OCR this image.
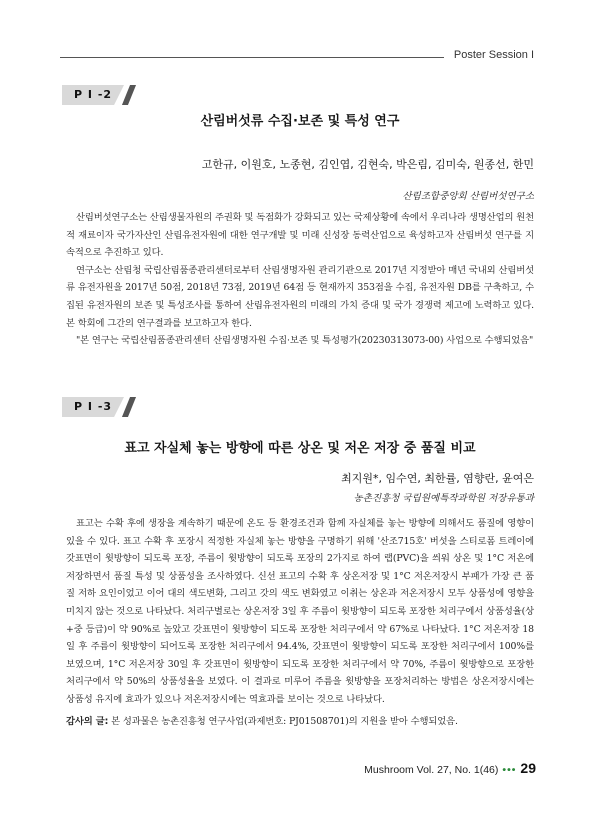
Poster Session I
P I -2
산림버섯류 수집·보존 및 특성 연구
고한규, 이원호, 노종현, 김인엽, 김현숙, 박은림, 김미숙, 원종선, 한민
산림조합중앙회 산림버섯연구소

산림버섯연구소는 산림생물자원의 주권화 및 독점화가 강화되고 있는 국제상황에 속에서 우리나라 생명산업의 원천적 재료이자 국가자산인 산림유전자원에 대한 연구개발 및 미래 신성장 동력산업으로 육성하고자 산림버섯 연구를 지속적으로 추진하고 있다.

연구소는 산림청 국립산림품종관리센터로부터 산림생명자원 관리기관으로 2017년 지정받아 매년 국내외 산림버섯류 유전자원을 2017년 50점, 2018년 73점, 2019년 64점 등 현재까지 353점을 수집, 유전자원 DB를 구축하고, 수집된 유전자원의 보존 및 특성조사를 통하여 산림유전자원의 미래의 가치 증대 및 국가 경쟁력 제고에 노력하고 있다. 본 학회에 그간의 연구결과를 보고하고자 한다.

"본 연구는 국립산림품종관리센터 산림생명자원 수집·보존 및 특성평가(20230313073-00) 사업으로 수행되었음"

P I -3
표고 자실체 놓는 방향에 따른 상온 및 저온 저장 중 품질 비교
최지원*, 임수연, 최한률, 염향란, 윤여은
농촌진흥청 국립원예특작과학원 저장유통과

표고는 수확 후에 생장을 계속하기 때문에 온도 등 환경조건과 함께 자실체를 놓는 방향에 의해서도 품질에 영향이 있을 수 있다. 표고 수확 후 포장시 적정한 자실체 놓는 방향을 구명하기 위해 '산조715호' 버섯을 스티로폼 트레이에 갓표면이 윗방향이 되도록 포장, 주름이 윗방향이 되도록 포장의 2가지로 하여 랩(PVC)을 씌워 상온 및 1°C 저온에 저장하면서 품질 특성 및 상품성을 조사하였다. 신선 표고의 수확 후 상온저장 및 1°C 저온저장시 부패가 가장 큰 품질 저하 요인이었고 이어 대의 색도변화, 그리고 갓의 색도 변화였고 이취는 상온과 저온저장시 모두 상품성에 영향을 미치지 않는 것으로 나타났다. 처리구별로는 상온저장 3일 후 주름이 윗방향이 되도록 포장한 처리구에서 상품성율(상+중 등급)이 약 90%로 높았고 갓표면이 윗방향이 되도록 포장한 처리구에서 약 67%로 나타났다. 1°C 저온저장 18일 후 주름이 윗방향이 되어도록 포장한 처리구에서 94.4%, 갓표면이 윗방향이 되도록 포장한 처리구에서 100%를 보였으며, 1°C 저온저장 30일 후 갓표면이 윗방향이 되도록 포장한 처리구에서 약 70%, 주름이 윗방향으로 포장한 처리구에서 약 50%의 상품성율을 보였다. 이 결과로 미루어 주름을 윗방향을 포장처리하는 방법은 상온저장시에는 상품성 유지에 효과가 있으나 저온저장시에는 역효과를 보이는 것으로 나타났다.

감사의 글: 본 성과물은 농촌진흥청 연구사업(과제번호: PJ01508701)의 지원을 받아 수행되었음.

Mushroom Vol. 27, No. 1(46) ••• 29
